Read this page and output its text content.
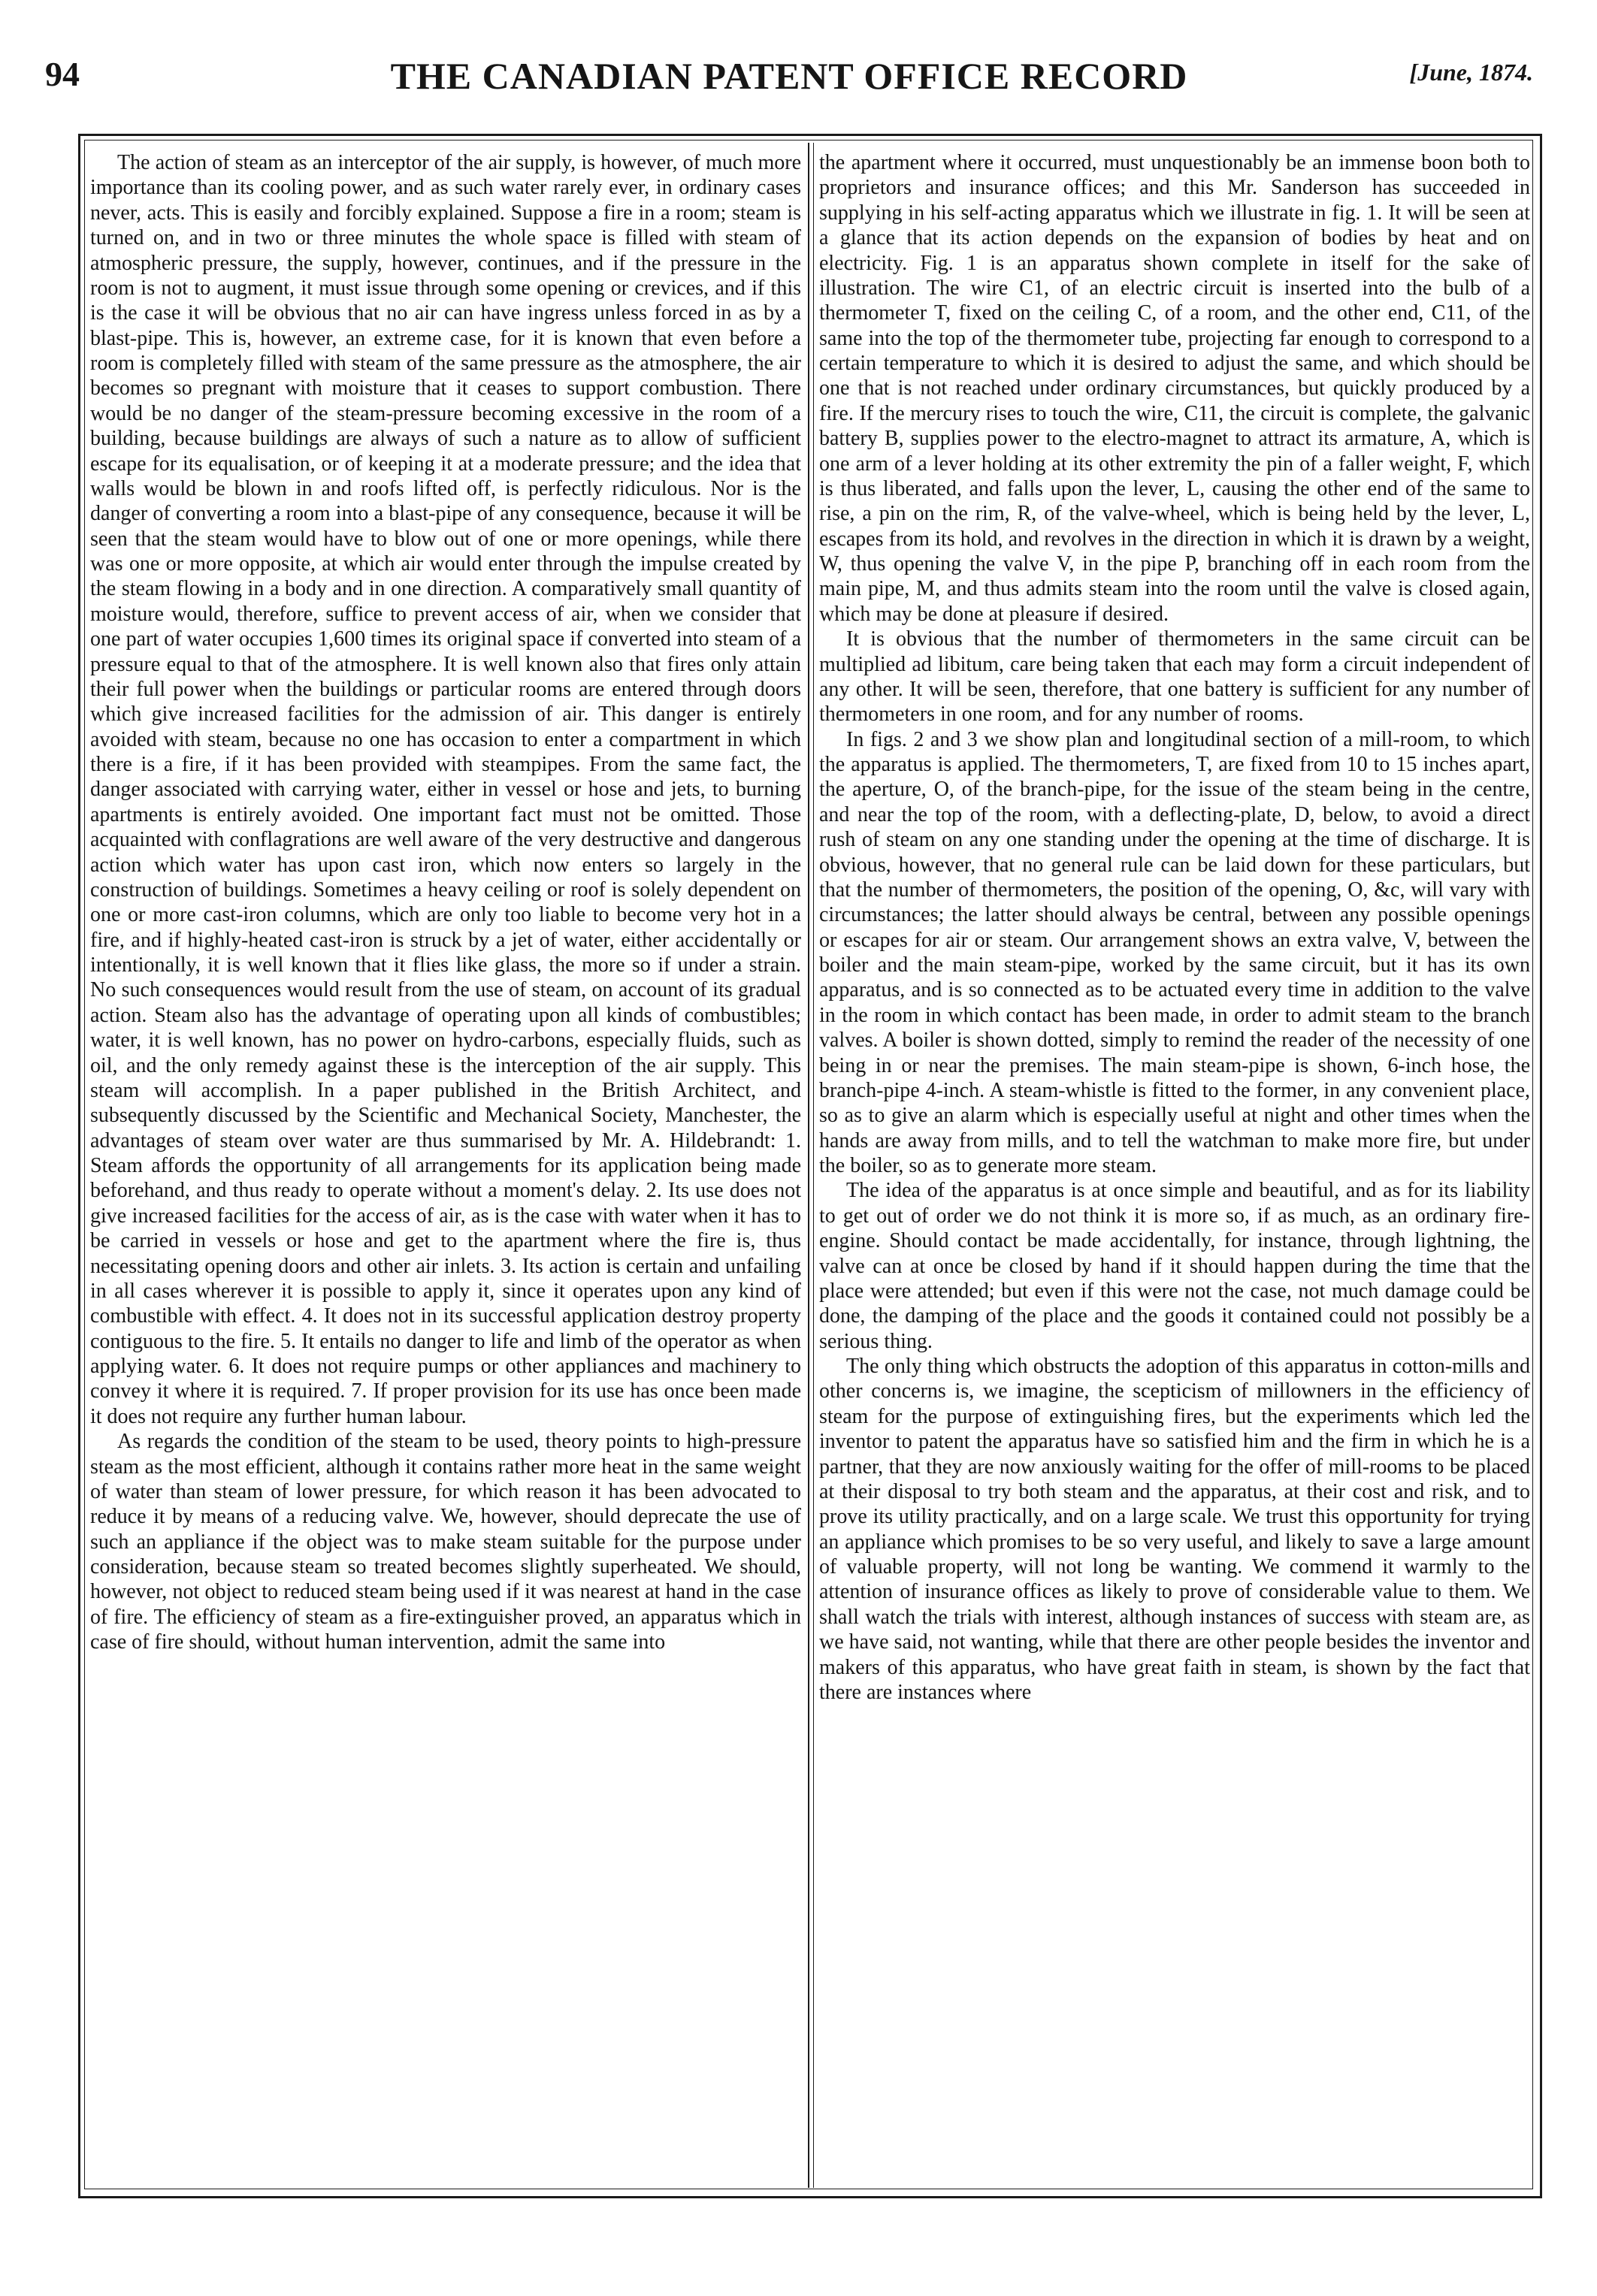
94	THE CANADIAN PATENT OFFICE RECORD	[June, 1874.

The action of steam as an interceptor of the air supply, is however, of much more importance than its cooling power, and as such water rarely ever, in ordinary cases never, acts. This is easily and forcibly explained. Suppose a fire in a room; steam is turned on, and in two or three minutes the whole space is filled with steam of atmospheric pressure, the supply, however, continues, and if the pressure in the room is not to augment, it must issue through some opening or crevices, and if this is the case it will be obvious that no air can have ingress unless forced in as by a blast-pipe. This is, however, an extreme case, for it is known that even before a room is completely filled with steam of the same pressure as the atmosphere, the air becomes so pregnant with moisture that it ceases to support combustion. There would be no danger of the steam-pressure becoming excessive in the room of a building, because buildings are always of such a nature as to allow of sufficient escape for its equalisation, or of keeping it at a moderate pressure; and the idea that walls would be blown in and roofs lifted off, is perfectly ridiculous. Nor is the danger of converting a room into a blast-pipe of any consequence, because it will be seen that the steam would have to blow out of one or more openings, while there was one or more opposite, at which air would enter through the impulse created by the steam flowing in a body and in one direction. A comparatively small quantity of moisture would, therefore, suffice to prevent access of air, when we consider that one part of water occupies 1,600 times its original space if converted into steam of a pressure equal to that of the atmosphere. It is well known also that fires only attain their full power when the buildings or particular rooms are entered through doors which give increased facilities for the admission of air. This danger is entirely avoided with steam, because no one has occasion to enter a compartment in which there is a fire, if it has been provided with steampipes. From the same fact, the danger associated with carrying water, either in vessel or hose and jets, to burning apartments is entirely avoided. One important fact must not be omitted. Those acquainted with conflagrations are well aware of the very destructive and dangerous action which water has upon cast iron, which now enters so largely in the construction of buildings. Sometimes a heavy ceiling or roof is solely dependent on one or more cast-iron columns, which are only too liable to become very hot in a fire, and if highly-heated cast-iron is struck by a jet of water, either accidentally or intentionally, it is well known that it flies like glass, the more so if under a strain. No such consequences would result from the use of steam, on account of its gradual action. Steam also has the advantage of operating upon all kinds of combustibles; water, it is well known, has no power on hydro-carbons, especially fluids, such as oil, and the only remedy against these is the interception of the air supply. This steam will accomplish. In a paper published in the British Architect, and subsequently discussed by the Scientific and Mechanical Society, Manchester, the advantages of steam over water are thus summarised by Mr. A. Hildebrandt: 1. Steam affords the opportunity of all arrangements for its application being made beforehand, and thus ready to operate without a moment's delay. 2. Its use does not give increased facilities for the access of air, as is the case with water when it has to be carried in vessels or hose and get to the apartment where the fire is, thus necessitating opening doors and other air inlets. 3. Its action is certain and unfailing in all cases wherever it is possible to apply it, since it operates upon any kind of combustible with effect. 4. It does not in its successful application destroy property contiguous to the fire. 5. It entails no danger to life and limb of the operator as when applying water. 6. It does not require pumps or other appliances and machinery to convey it where it is required. 7. If proper provision for its use has once been made it does not require any further human labour.

As regards the condition of the steam to be used, theory points to high-pressure steam as the most efficient, although it contains rather more heat in the same weight of water than steam of lower pressure, for which reason it has been advocated to reduce it by means of a reducing valve. We, however, should deprecate the use of such an appliance if the object was to make steam suitable for the purpose under consideration, because steam so treated becomes slightly superheated. We should, however, not object to reduced steam being used if it was nearest at hand in the case of fire. The efficiency of steam as a fire-extinguisher proved, an apparatus which in case of fire should, without human intervention, admit the same into

the apartment where it occurred, must unquestionably be an immense boon both to proprietors and insurance offices; and this Mr. Sanderson has succeeded in supplying in his self-acting apparatus which we illustrate in fig. 1. It will be seen at a glance that its action depends on the expansion of bodies by heat and on electricity. Fig. 1 is an apparatus shown complete in itself for the sake of illustration. The wire C1, of an electric circuit is inserted into the bulb of a thermometer T, fixed on the ceiling C, of a room, and the other end, C11, of the same into the top of the thermometer tube, projecting far enough to correspond to a certain temperature to which it is desired to adjust the same, and which should be one that is not reached under ordinary circumstances, but quickly produced by a fire. If the mercury rises to touch the wire, C11, the circuit is complete, the galvanic battery B, supplies power to the electro-magnet to attract its armature, A, which is one arm of a lever holding at its other extremity the pin of a faller weight, F, which is thus liberated, and falls upon the lever, L, causing the other end of the same to rise, a pin on the rim, R, of the valve-wheel, which is being held by the lever, L, escapes from its hold, and revolves in the direction in which it is drawn by a weight, W, thus opening the valve V, in the pipe P, branching off in each room from the main pipe, M, and thus admits steam into the room until the valve is closed again, which may be done at pleasure if desired.

It is obvious that the number of thermometers in the same circuit can be multiplied ad libitum, care being taken that each may form a circuit independent of any other. It will be seen, therefore, that one battery is sufficient for any number of thermometers in one room, and for any number of rooms.

In figs. 2 and 3 we show plan and longitudinal section of a mill-room, to which the apparatus is applied. The thermometers, T, are fixed from 10 to 15 inches apart, the aperture, O, of the branch-pipe, for the issue of the steam being in the centre, and near the top of the room, with a deflecting-plate, D, below, to avoid a direct rush of steam on any one standing under the opening at the time of discharge. It is obvious, however, that no general rule can be laid down for these particulars, but that the number of thermometers, the position of the opening, O, &c, will vary with circumstances; the latter should always be central, between any possible openings or escapes for air or steam. Our arrangement shows an extra valve, V, between the boiler and the main steam-pipe, worked by the same circuit, but it has its own apparatus, and is so connected as to be actuated every time in addition to the valve in the room in which contact has been made, in order to admit steam to the branch valves. A boiler is shown dotted, simply to remind the reader of the necessity of one being in or near the premises. The main steam-pipe is shown, 6-inch hose, the branch-pipe 4-inch. A steam-whistle is fitted to the former, in any convenient place, so as to give an alarm which is especially useful at night and other times when the hands are away from mills, and to tell the watchman to make more fire, but under the boiler, so as to generate more steam.

The idea of the apparatus is at once simple and beautiful, and as for its liability to get out of order we do not think it is more so, if as much, as an ordinary fire-engine. Should contact be made accidentally, for instance, through lightning, the valve can at once be closed by hand if it should happen during the time that the place were attended; but even if this were not the case, not much damage could be done, the damping of the place and the goods it contained could not possibly be a serious thing.

The only thing which obstructs the adoption of this apparatus in cotton-mills and other concerns is, we imagine, the scepticism of millowners in the efficiency of steam for the purpose of extinguishing fires, but the experiments which led the inventor to patent the apparatus have so satisfied him and the firm in which he is a partner, that they are now anxiously waiting for the offer of mill-rooms to be placed at their disposal to try both steam and the apparatus, at their cost and risk, and to prove its utility practically, and on a large scale. We trust this opportunity for trying an appliance which promises to be so very useful, and likely to save a large amount of valuable property, will not long be wanting. We commend it warmly to the attention of insurance offices as likely to prove of considerable value to them. We shall watch the trials with interest, although instances of success with steam are, as we have said, not wanting, while that there are other people besides the inventor and makers of this apparatus, who have great faith in steam, is shown by the fact that there are instances where
